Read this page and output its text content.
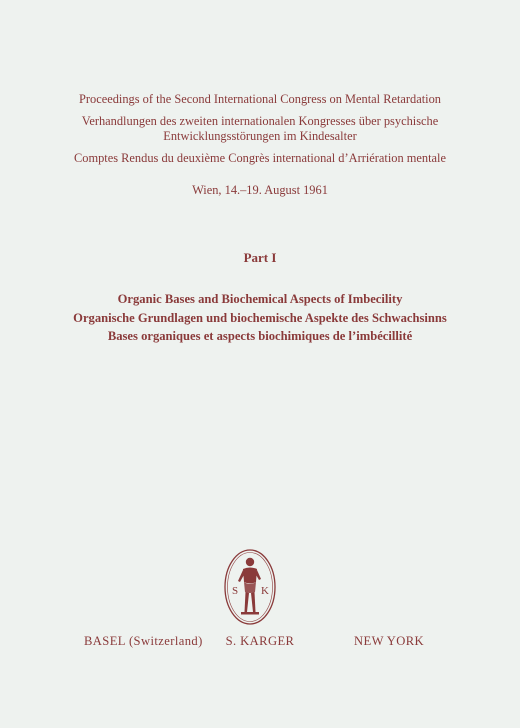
Proceedings of the Second International Congress on Mental Retardation
Verhandlungen des zweiten internationalen Kongresses über psychische
Entwicklungsstörungen im Kindesalter
Comptes Rendus du deuxième Congrès international d’Arriération mentale
Wien, 14.–19. August 1961
Part I
Organic Bases and Biochemical Aspects of Imbecility
Organische Grundlagen und biochemische Aspekte des Schwachsinns
Bases organiques et aspects biochimiques de l’imbécillité
S K
BASEL (Switzerland) S. KARGER	NEW YORK
